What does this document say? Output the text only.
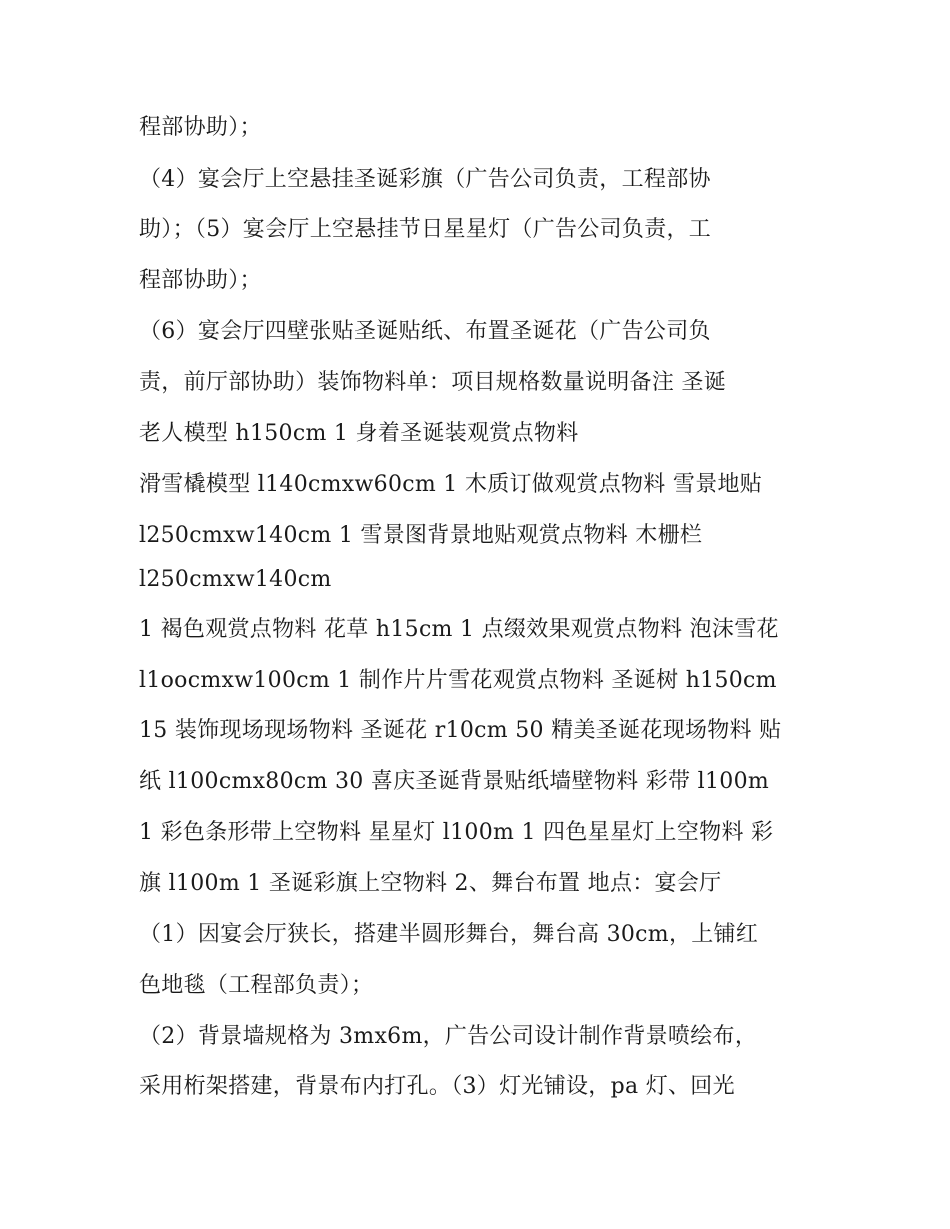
程部协助）；
（4）宴会厅上空悬挂圣诞彩旗（广告公司负责，工程部协
助）；（5）宴会厅上空悬挂节日星星灯（广告公司负责，工
程部协助）；
（6）宴会厅四壁张贴圣诞贴纸、布置圣诞花（广告公司负
责，前厅部协助）装饰物料单：项目规格数量说明备注 圣诞
老人模型 h150cm 1 身着圣诞装观赏点物料
滑雪橇模型 l140cmxw60cm 1 木质订做观赏点物料 雪景地贴
l250cmxw140cm 1 雪景图背景地贴观赏点物料 木栅栏
l250cmxw140cm
1 褐色观赏点物料 花草 h15cm 1 点缀效果观赏点物料 泡沫雪花
l1oocmxw100cm 1 制作片片雪花观赏点物料 圣诞树 h150cm
15 装饰现场现场物料 圣诞花 r10cm 50 精美圣诞花现场物料 贴
纸 l100cmx80cm 30 喜庆圣诞背景贴纸墙壁物料 彩带 l100m
1 彩色条形带上空物料 星星灯 l100m 1 四色星星灯上空物料 彩
旗 l100m 1 圣诞彩旗上空物料 2、舞台布置 地点：宴会厅
（1）因宴会厅狭长，搭建半圆形舞台，舞台高 30cm，上铺红
色地毯（工程部负责）；
（2）背景墙规格为 3mx6m，广告公司设计制作背景喷绘布，
采用桁架搭建，背景布内打孔。（3）灯光铺设，pa 灯、回光
